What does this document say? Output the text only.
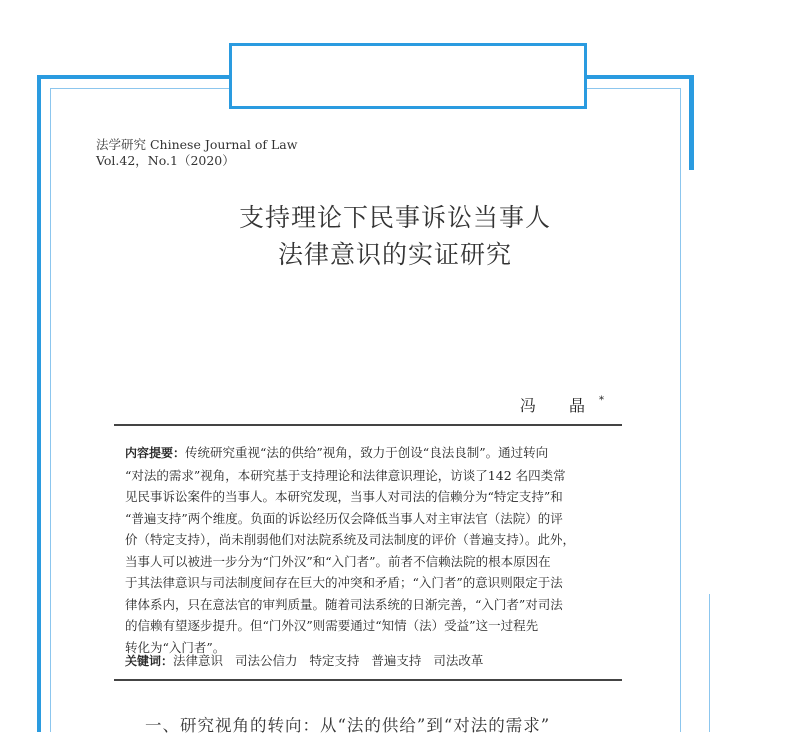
法学研究 Chinese Journal of Law
Vol.42，No.1（2020）
支持理论下民事诉讼当事人
法律意识的实证研究
冯 晶*
内容提要：传统研究重视“法的供给”视角，致力于创设“良法良制”。通过转向
“对法的需求”视角，本研究基于支持理论和法律意识理论，访谈了142 名四类常
见民事诉讼案件的当事人。本研究发现，当事人对司法的信赖分为“特定支持”和
“普遍支持”两个维度。负面的诉讼经历仅会降低当事人对主审法官（法院）的评
价（特定支持），尚未削弱他们对法院系统及司法制度的评价（普遍支持）。此外，
当事人可以被进一步分为“门外汉”和“入门者”。前者不信赖法院的根本原因在
于其法律意识与司法制度间存在巨大的冲突和矛盾；“入门者”的意识则限定于法
律体系内，只在意法官的审判质量。随着司法系统的日渐完善，“入门者”对司法
的信赖有望逐步提升。但“门外汉”则需要通过“知情（法）受益”这一过程先
转化为“入门者”。
关键词：法律意识 司法公信力 特定支持 普遍支持 司法改革
一、研究视角的转向：从“法的供给”到“对法的需求”
